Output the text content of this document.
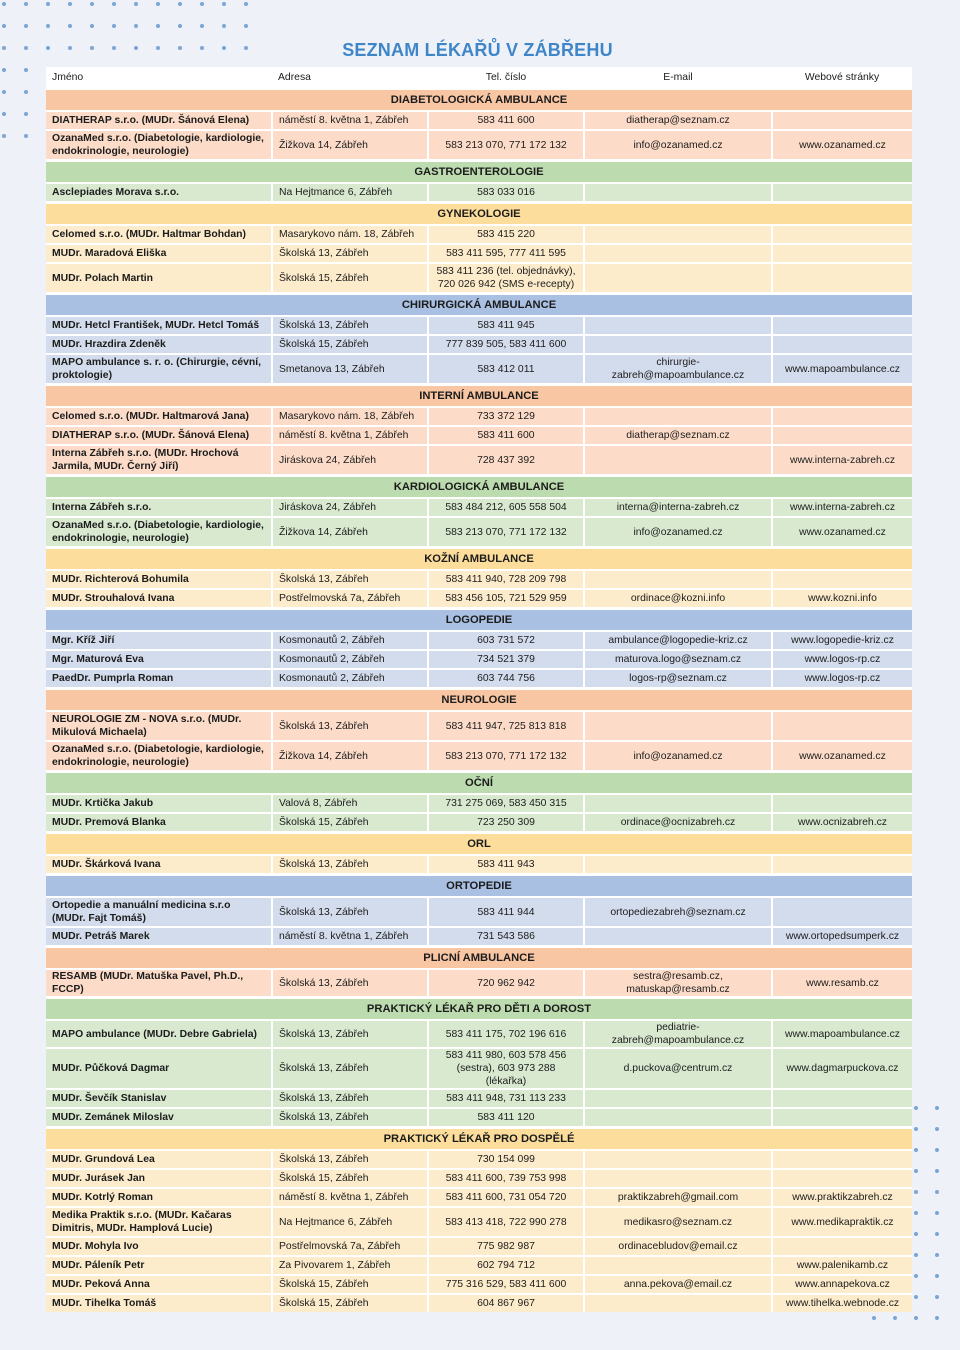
SEZNAM LÉKAŘŮ V ZÁBŘEHU
Jméno	Adresa	Tel. číslo	E-mail	Webové stránky
DIABETOLOGICKÁ AMBULANCE				
DIATHERAP s.r.o. (MUDr. Šánová Elena)	náměstí 8. května 1, Zábřeh	583 411 600	diatherap@seznam.cz	
OzanaMed s.r.o. (Diabetologie, kardiologie, endokrinologie, neurologie)	Žižkova 14, Zábřeh	583 213 070, 771 172 132	info@ozanamed.cz	www.ozanamed.cz
GASTROENTEROLOGIE				
Asclepiades Morava s.r.o.	Na Hejtmance 6, Zábřeh	583 033 016		
GYNEKOLOGIE				
Celomed s.r.o. (MUDr. Haltmar Bohdan)	Masarykovo nám. 18, Zábřeh	583 415 220		
MUDr. Maradová Eliška	Školská 13, Zábřeh	583 411 595, 777 411 595		
MUDr. Polach Martin	Školská 15, Zábřeh	583 411 236 (tel. objednávky), 720 026 942 (SMS e-recepty)		
CHIRURGICKÁ AMBULANCE				
MUDr. Hetcl František, MUDr. Hetcl Tomáš	Školská 13, Zábřeh	583 411 945		
MUDr. Hrazdira Zdeněk	Školská 15, Zábřeh	777 839 505, 583 411 600		
MAPO ambulance s. r. o. (Chirurgie, cévní, proktologie)	Smetanova 13, Zábřeh	583 412 011	chirurgie-zabreh@mapoambulance.cz	www.mapoambulance.cz
INTERNÍ AMBULANCE				
Celomed s.r.o. (MUDr. Haltmarová Jana)	Masarykovo nám. 18, Zábřeh	733 372 129		
DIATHERAP s.r.o. (MUDr. Šánová Elena)	náměstí 8. května 1, Zábřeh	583 411 600	diatherap@seznam.cz	
Interna Zábřeh s.r.o. (MUDr. Hrochová Jarmila, MUDr. Černý Jiří)	Jiráskova 24, Zábřeh	728 437 392		www.interna-zabreh.cz
KARDIOLOGICKÁ AMBULANCE				
Interna Zábřeh s.r.o.	Jiráskova 24, Zábřeh	583 484 212, 605 558 504	interna@interna-zabreh.cz	www.interna-zabreh.cz
OzanaMed s.r.o. (Diabetologie, kardiologie, endokrinologie, neurologie)	Žižkova 14, Zábřeh	583 213 070, 771 172 132	info@ozanamed.cz	www.ozanamed.cz
KOŽNÍ AMBULANCE				
MUDr. Richterová Bohumila	Školská 13, Zábřeh	583 411 940, 728 209 798		
MUDr. Strouhalová Ivana	Postřelmovská 7a, Zábřeh	583 456 105, 721 529 959	ordinace@kozni.info	www.kozni.info
LOGOPEDIE				
Mgr. Kříž Jiří	Kosmonautů 2, Zábřeh	603 731 572	ambulance@logopedie-kriz.cz	www.logopedie-kriz.cz
Mgr. Maturová Eva	Kosmonautů 2, Zábřeh	734 521 379	maturova.logo@seznam.cz	www.logos-rp.cz
PaedDr. Pumprla Roman	Kosmonautů 2, Zábřeh	603 744 756	logos-rp@seznam.cz	www.logos-rp.cz
NEUROLOGIE				
NEUROLOGIE ZM - NOVA s.r.o. (MUDr. Mikulová Michaela)	Školská 13, Zábřeh	583 411 947, 725 813 818		
OzanaMed s.r.o. (Diabetologie, kardiologie, endokrinologie, neurologie)	Žižkova 14, Zábřeh	583 213 070, 771 172 132	info@ozanamed.cz	www.ozanamed.cz
OČNÍ				
MUDr. Krtička Jakub	Valová 8, Zábřeh	731 275 069, 583 450 315		
MUDr. Premová Blanka	Školská 15, Zábřeh	723 250 309	ordinace@ocnizabreh.cz	www.ocnizabreh.cz
ORL				
MUDr. Škárková Ivana	Školská 13, Zábřeh	583 411 943		
ORTOPEDIE				
Ortopedie a manuální medicina s.r.o (MUDr. Fajt Tomáš)	Školská 13, Zábřeh	583 411 944	ortopediezabreh@seznam.cz	
MUDr. Petráš Marek	náměstí 8. května 1, Zábřeh	731 543 586		www.ortopedsumperk.cz
PLICNÍ AMBULANCE				
RESAMB (MUDr. Matuška Pavel, Ph.D., FCCP)	Školská 13, Zábřeh	720 962 942	sestra@resamb.cz, matuskap@resamb.cz	www.resamb.cz
PRAKTICKÝ LÉKAŘ PRO DĚTI A DOROST				
MAPO ambulance (MUDr. Debre Gabriela)	Školská 13, Zábřeh	583 411 175, 702 196 616	pediatrie-zabreh@mapoambulance.cz	www.mapoambulance.cz
MUDr. Půčková Dagmar	Školská 13, Zábřeh	583 411 980, 603 578 456 (sestra), 603 973 288 (lékařka)	d.puckova@centrum.cz	www.dagmarpuckova.cz
MUDr. Ševčík Stanislav	Školská 13, Zábřeh	583 411 948, 731 113 233		
MUDr. Zemánek Miloslav	Školská 13, Zábřeh	583 411 120		
PRAKTICKÝ LÉKAŘ PRO DOSPĚLÉ				
MUDr. Grundová Lea	Školská 13, Zábřeh	730 154 099		
MUDr. Jurásek Jan	Školská 15, Zábřeh	583 411 600, 739 753 998		
MUDr. Kotrlý Roman	náměstí 8. května 1, Zábřeh	583 411 600, 731 054 720	praktikzabreh@gmail.com	www.praktikzabreh.cz
Medika Praktik s.r.o. (MUDr. Kačaras Dimitris, MUDr. Hamplová Lucie)	Na Hejtmance 6, Zábřeh	583 413 418, 722 990 278	medikasro@seznam.cz	www.medikapraktik.cz
MUDr. Mohyla Ivo	Postřelmovská 7a, Zábřeh	775 982 987	ordinacebludov@email.cz	
MUDr. Páleník Petr	Za Pivovarem 1, Zábřeh	602 794 712		www.palenikamb.cz
MUDr. Peková Anna	Školská 15, Zábřeh	775 316 529, 583 411 600	anna.pekova@email.cz	www.annapekova.cz
MUDr. Tihelka Tomáš	Školská 15, Zábřeh	604 867 967		www.tihelka.webnode.cz
